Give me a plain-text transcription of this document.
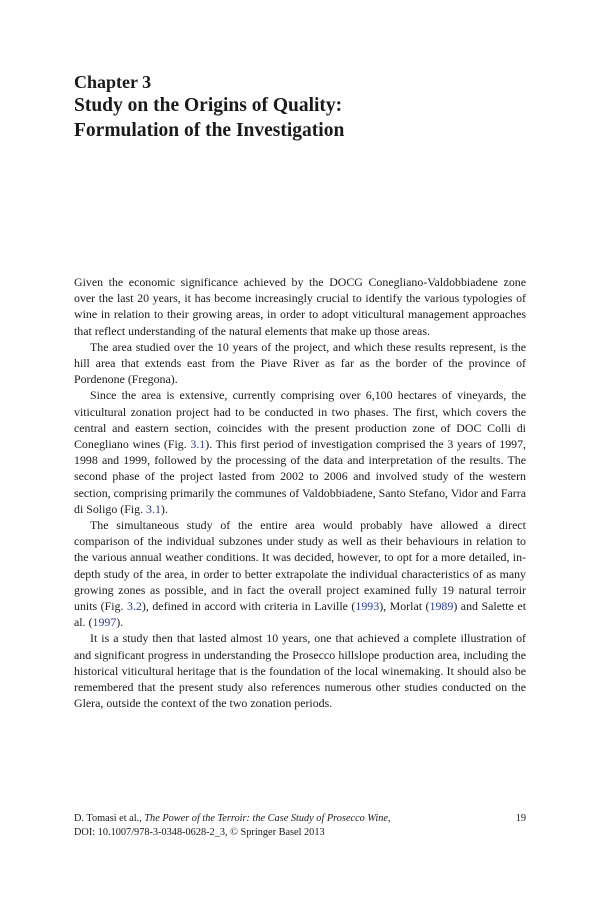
Chapter 3
Study on the Origins of Quality:
Formulation of the Investigation

Given the economic significance achieved by the DOCG Conegliano-Valdobbiadene zone over the last 20 years, it has become increasingly crucial to identify the various typologies of wine in relation to their growing areas, in order to adopt viticultural management approaches that reflect understanding of the natural elements that make up those areas.

The area studied over the 10 years of the project, and which these results represent, is the hill area that extends east from the Piave River as far as the border of the province of Pordenone (Fregona).

Since the area is extensive, currently comprising over 6,100 hectares of vineyards, the viticultural zonation project had to be conducted in two phases. The first, which covers the central and eastern section, coincides with the present production zone of DOC Colli di Conegliano wines (Fig. 3.1). This first period of investigation comprised the 3 years of 1997, 1998 and 1999, followed by the processing of the data and interpretation of the results. The second phase of the project lasted from 2002 to 2006 and involved study of the western section, comprising primarily the communes of Valdobbiadene, Santo Stefano, Vidor and Farra di Soligo (Fig. 3.1).

The simultaneous study of the entire area would probably have allowed a direct comparison of the individual subzones under study as well as their behaviours in relation to the various annual weather conditions. It was decided, however, to opt for a more detailed, in-depth study of the area, in order to better extrapolate the individual characteristics of as many growing zones as possible, and in fact the overall project examined fully 19 natural terroir units (Fig. 3.2), defined in accord with criteria in Laville (1993), Morlat (1989) and Salette et al. (1997).

It is a study then that lasted almost 10 years, one that achieved a complete illustration of and significant progress in understanding the Prosecco hillslope production area, including the historical viticultural heritage that is the foundation of the local winemaking. It should also be remembered that the present study also references numerous other studies conducted on the Glera, outside the context of the two zonation periods.

D. Tomasi et al., The Power of the Terroir: the Case Study of Prosecco Wine,
DOI: 10.1007/978-3-0348-0628-2_3, © Springer Basel 2013
19
